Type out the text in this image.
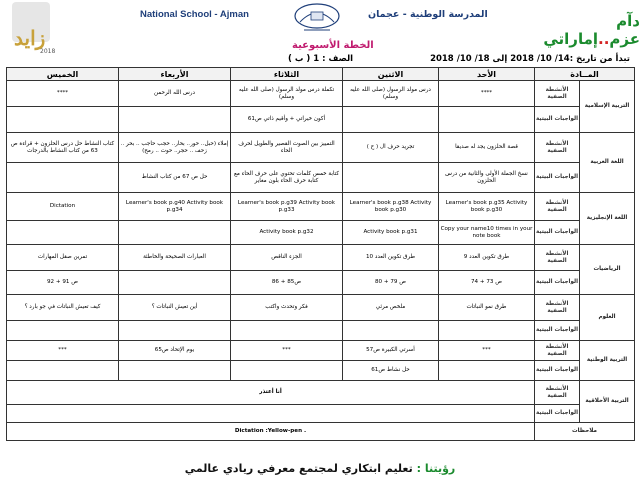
زايد
2018
National School - Ajman	المدرسة الوطنية - عجمان	دآم عزم..إماراتي
الخطة الأسبوعية
تبدأ من تاريخ :14/ 10/ 2018 إلى 18/ 10/ 2018
الصف : 1 ( ب )
المــادة		الأحد	الاثنين	الثلاثاء	الأربعاء	الخميس
التربية الإسلامية	الأنشطة الصفية	****	درس مولد الرسول (صلى الله عليه وسلم)	تكملة درس مولد الرسول (صلى الله عليه وسلم)	درس الله الرحمن	****
	الواجبات البيتية			أكون خيراتي + وأقيم ذاتي ص61		
اللغة العربية	الأنشطة الصفية	قصة الحلزون يجد له صديقا	تجريد حرف ال ( ح )	التمييز بين الصوت القصير والطويل لحرف الحاء	إملاء (حبل.. حور.. بحار.. حجب حاجب .. بحر .. زحف .. حجر.. حوت .. رمح)	كتاب النشاط حل درس الحلزون + قراءة ص 63 من كتاب النشاط بالدرجات
	الواجبات البيتية	نسخ الجملة الأولى والثانية من درس الحلزون		كتابة خمس كلمات تحتوي على حرف الحاء مع كتابة حرف الحاء بلون مغاير	حل ص 67 من كتاب النشاط	
اللغة الإنجليزية	الأنشطة الصفية	Learner's book p.g35 Activity book p.g30	Learner's book p.g38 Activity book p.g30	Learner's book p.g39 Activity book p.g33	Learner's book p.g40 Activity book p.g34	Dictation
	الواجبات البيتية	Copy your name10 times in your note book	Activity book p.g31	Activity book p.g32		
الرياضيات	الأنشطة الصفية	طرق تكوين العدد 9	طرق تكوين العدد 10	الجزء الناقص	العبارات الصحيحة والخاطئة	تمرين صقل المهارات
	الواجبات البيتية	ص 73 + 74	ص 79 + 80	ص85 + 86		ص 91 + 92
العلوم	الأنشطة الصفية	طرق نمو النباتات	ملخص مرئي	فكر وتحدث واكتب	أين تعيش النباتات ؟	كيف تعيش النباتات في جو بارد ؟
	الواجبات البيتية					
التربية الوطنية	الأنشطة الصفية	***	أسرتي الكبيرة ص57	***	يوم الإتحاد ص65	***
	الواجبات البيتية		حل نشاط ص61			
التربية الأخلاقية	الأنشطة الصفية	أنا أعتذر				
	الواجبات البيتية					
ملاحظات		Dictation :Yellow-pen .				
رؤيتنا : تعليم ابتكاري لمجتمع معرفي ريادي عالمي
